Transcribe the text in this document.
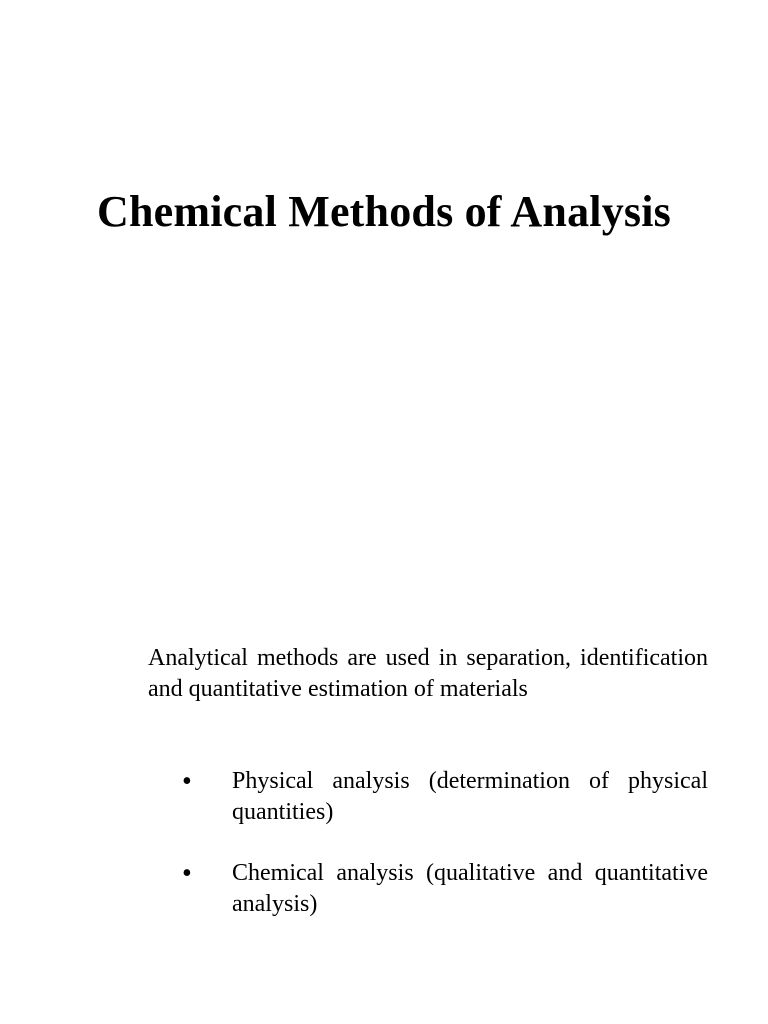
Chemical Methods of Analysis

Analytical methods are used in separation, identification and quantitative estimation of materials

• Physical analysis (determination of physical quantities)
• Chemical analysis (qualitative and quantitative analysis)
